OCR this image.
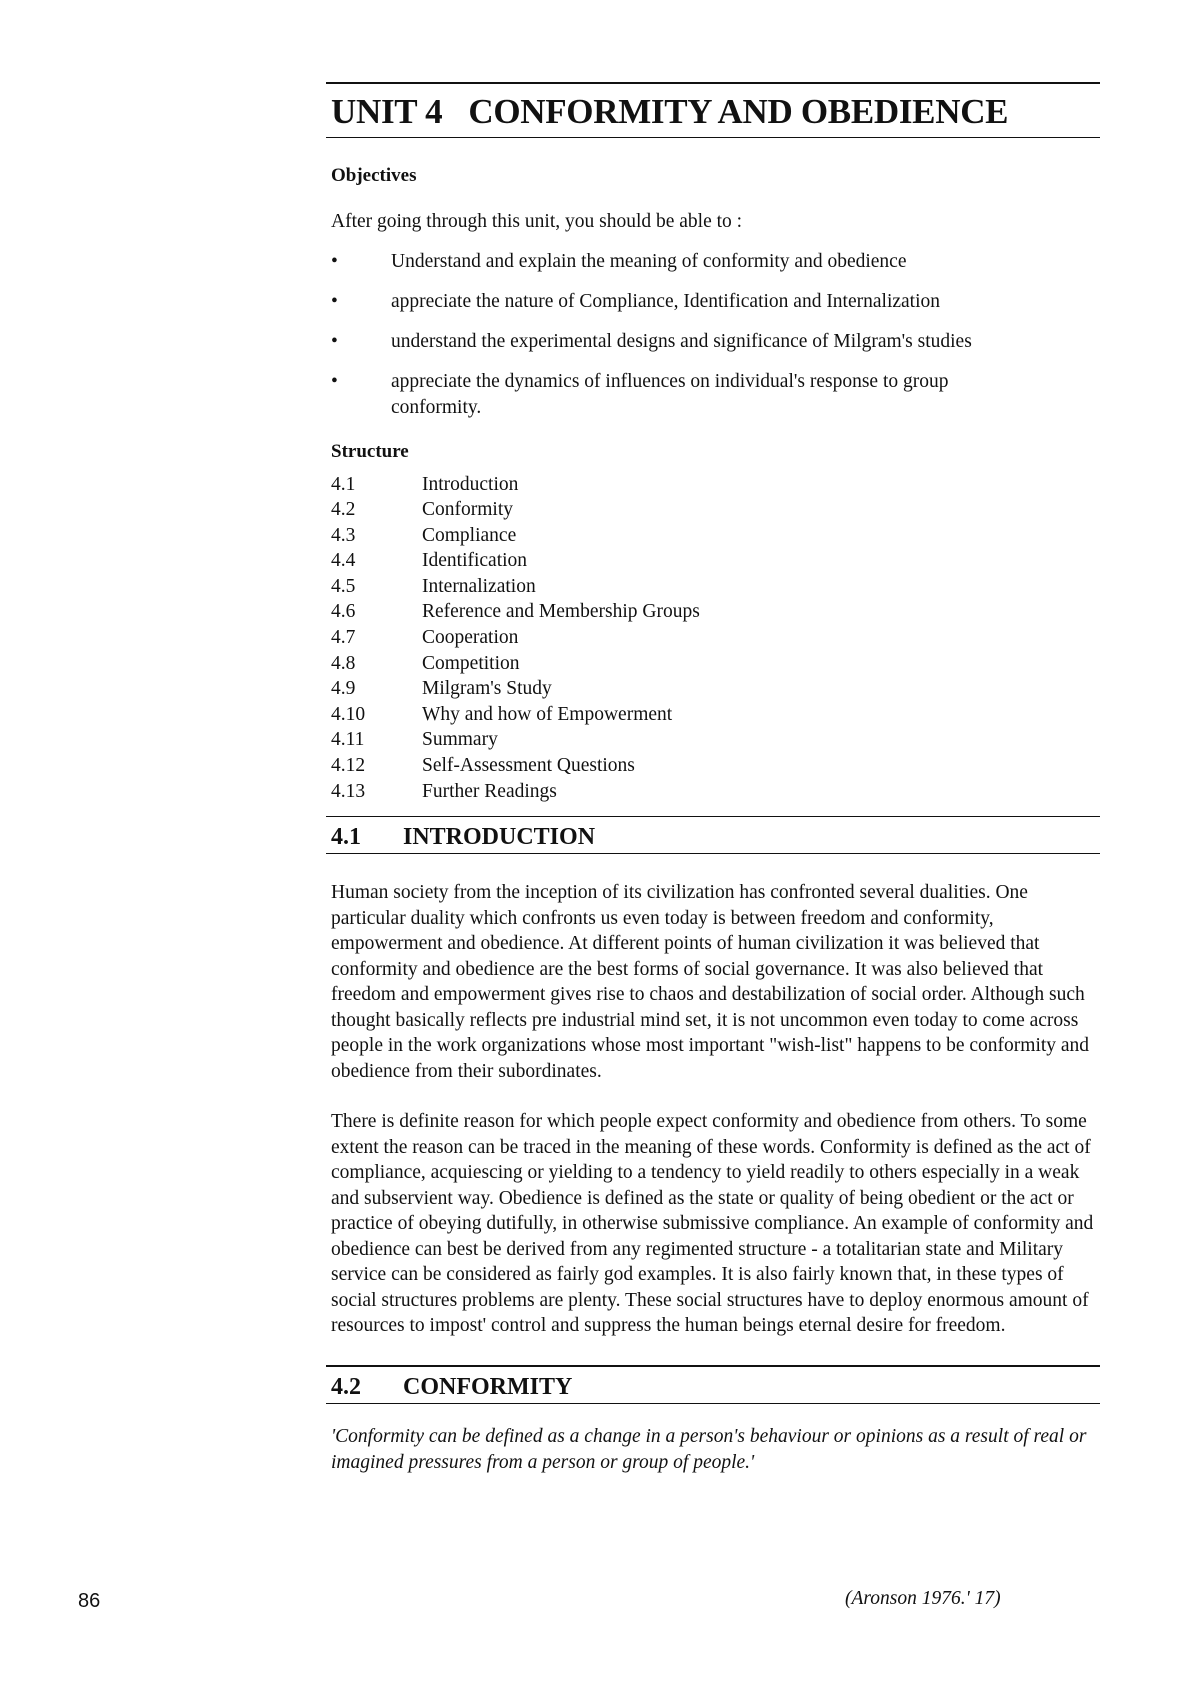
UNIT 4 CONFORMITY AND OBEDIENCE
Objectives
After going through this unit, you should be able to :
•	Understand and explain the meaning of conformity and obedience
•	appreciate the nature of Compliance, Identification and Internalization
•	understand the experimental designs and significance of Milgram's studies
•	appreciate the dynamics of influences on individual's response to group conformity.
Structure
4.1	Introduction
4.2	Conformity
4.3	Compliance
4.4	Identification
4.5	Internalization
4.6	Reference and Membership Groups
4.7	Cooperation
4.8	Competition
4.9	Milgram's Study
4.10	Why and how of Empowerment
4.11	Summary
4.12	Self-Assessment Questions
4.13	Further Readings
4.1 INTRODUCTION

Human society from the inception of its civilization has confronted several dualities. One particular duality which confronts us even today is between freedom and conformity, empowerment and obedience. At different points of human civilization it was believed that conformity and obedience are the best forms of social governance. It was also believed that freedom and empowerment gives rise to chaos and destabilization of social order. Although such thought basically reflects pre industrial mind set, it is not uncommon even today to come across people in the work organizations whose most important "wish-list" happens to be conformity and obedience from their subordinates.

There is definite reason for which people expect conformity and obedience from others. To some extent the reason can be traced in the meaning of these words. Conformity is defined as the act of compliance, acquiescing or yielding to a tendency to yield readily to others especially in a weak and subservient way. Obedience is defined as the state or quality of being obedient or the act or practice of obeying dutifully, in otherwise submissive compliance. An example of conformity and obedience can best be derived from any regimented structure - a totalitarian state and Military service can be considered as fairly god examples. It is also fairly known that, in these types of social structures problems are plenty. These social structures have to deploy enormous amount of resources to impost' control and suppress the human beings eternal desire for freedom.

4.2 CONFORMITY

'Conformity can be defined as a change in a person's behaviour or opinions as a result of real or imagined pressures from a person or group of people.'

(Aronson 1976.' 17)
86
